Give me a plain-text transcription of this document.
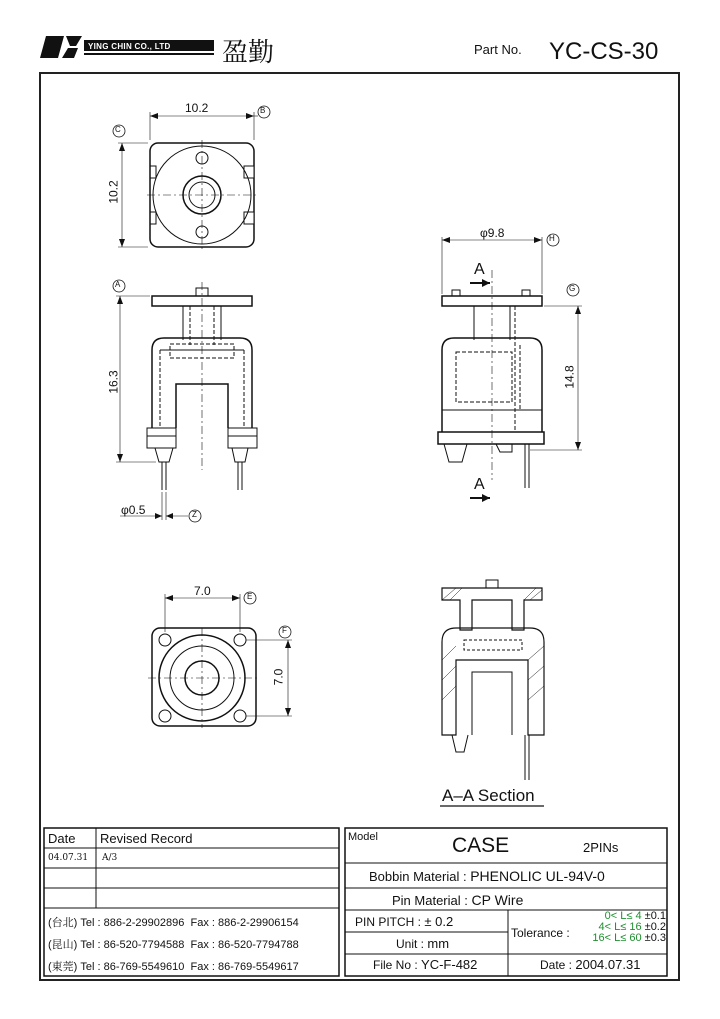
YING CHIN CO., LTD 盈勤	Part No. YC-CS-30
10.2
10.2
16.3
φ0.5
φ9.8
14.8
7.0
7.0
A
A
A–A Section
B
C
A
Z
H
G
E
F
Date Revised Record
04.07.31 A/3
(台北) Tel : 886-2-29902896 Fax : 886-2-29906154
(昆山) Tel : 86-520-7794588 Fax : 86-520-7794788
(東莞) Tel : 86-769-5549610 Fax : 86-769-5549617
Model	CASE	2PINs
Bobbin Material : PHENOLIC UL-94V-0
Pin Material : CP Wire
PIN PITCH : ± 0.2
Unit : mm
File No : YC-F-482
Tolerance :
0< L≤ 4 ±0.1
4< L≤ 16 ±0.2
16< L≤ 60 ±0.3
Date : 2004.07.31
